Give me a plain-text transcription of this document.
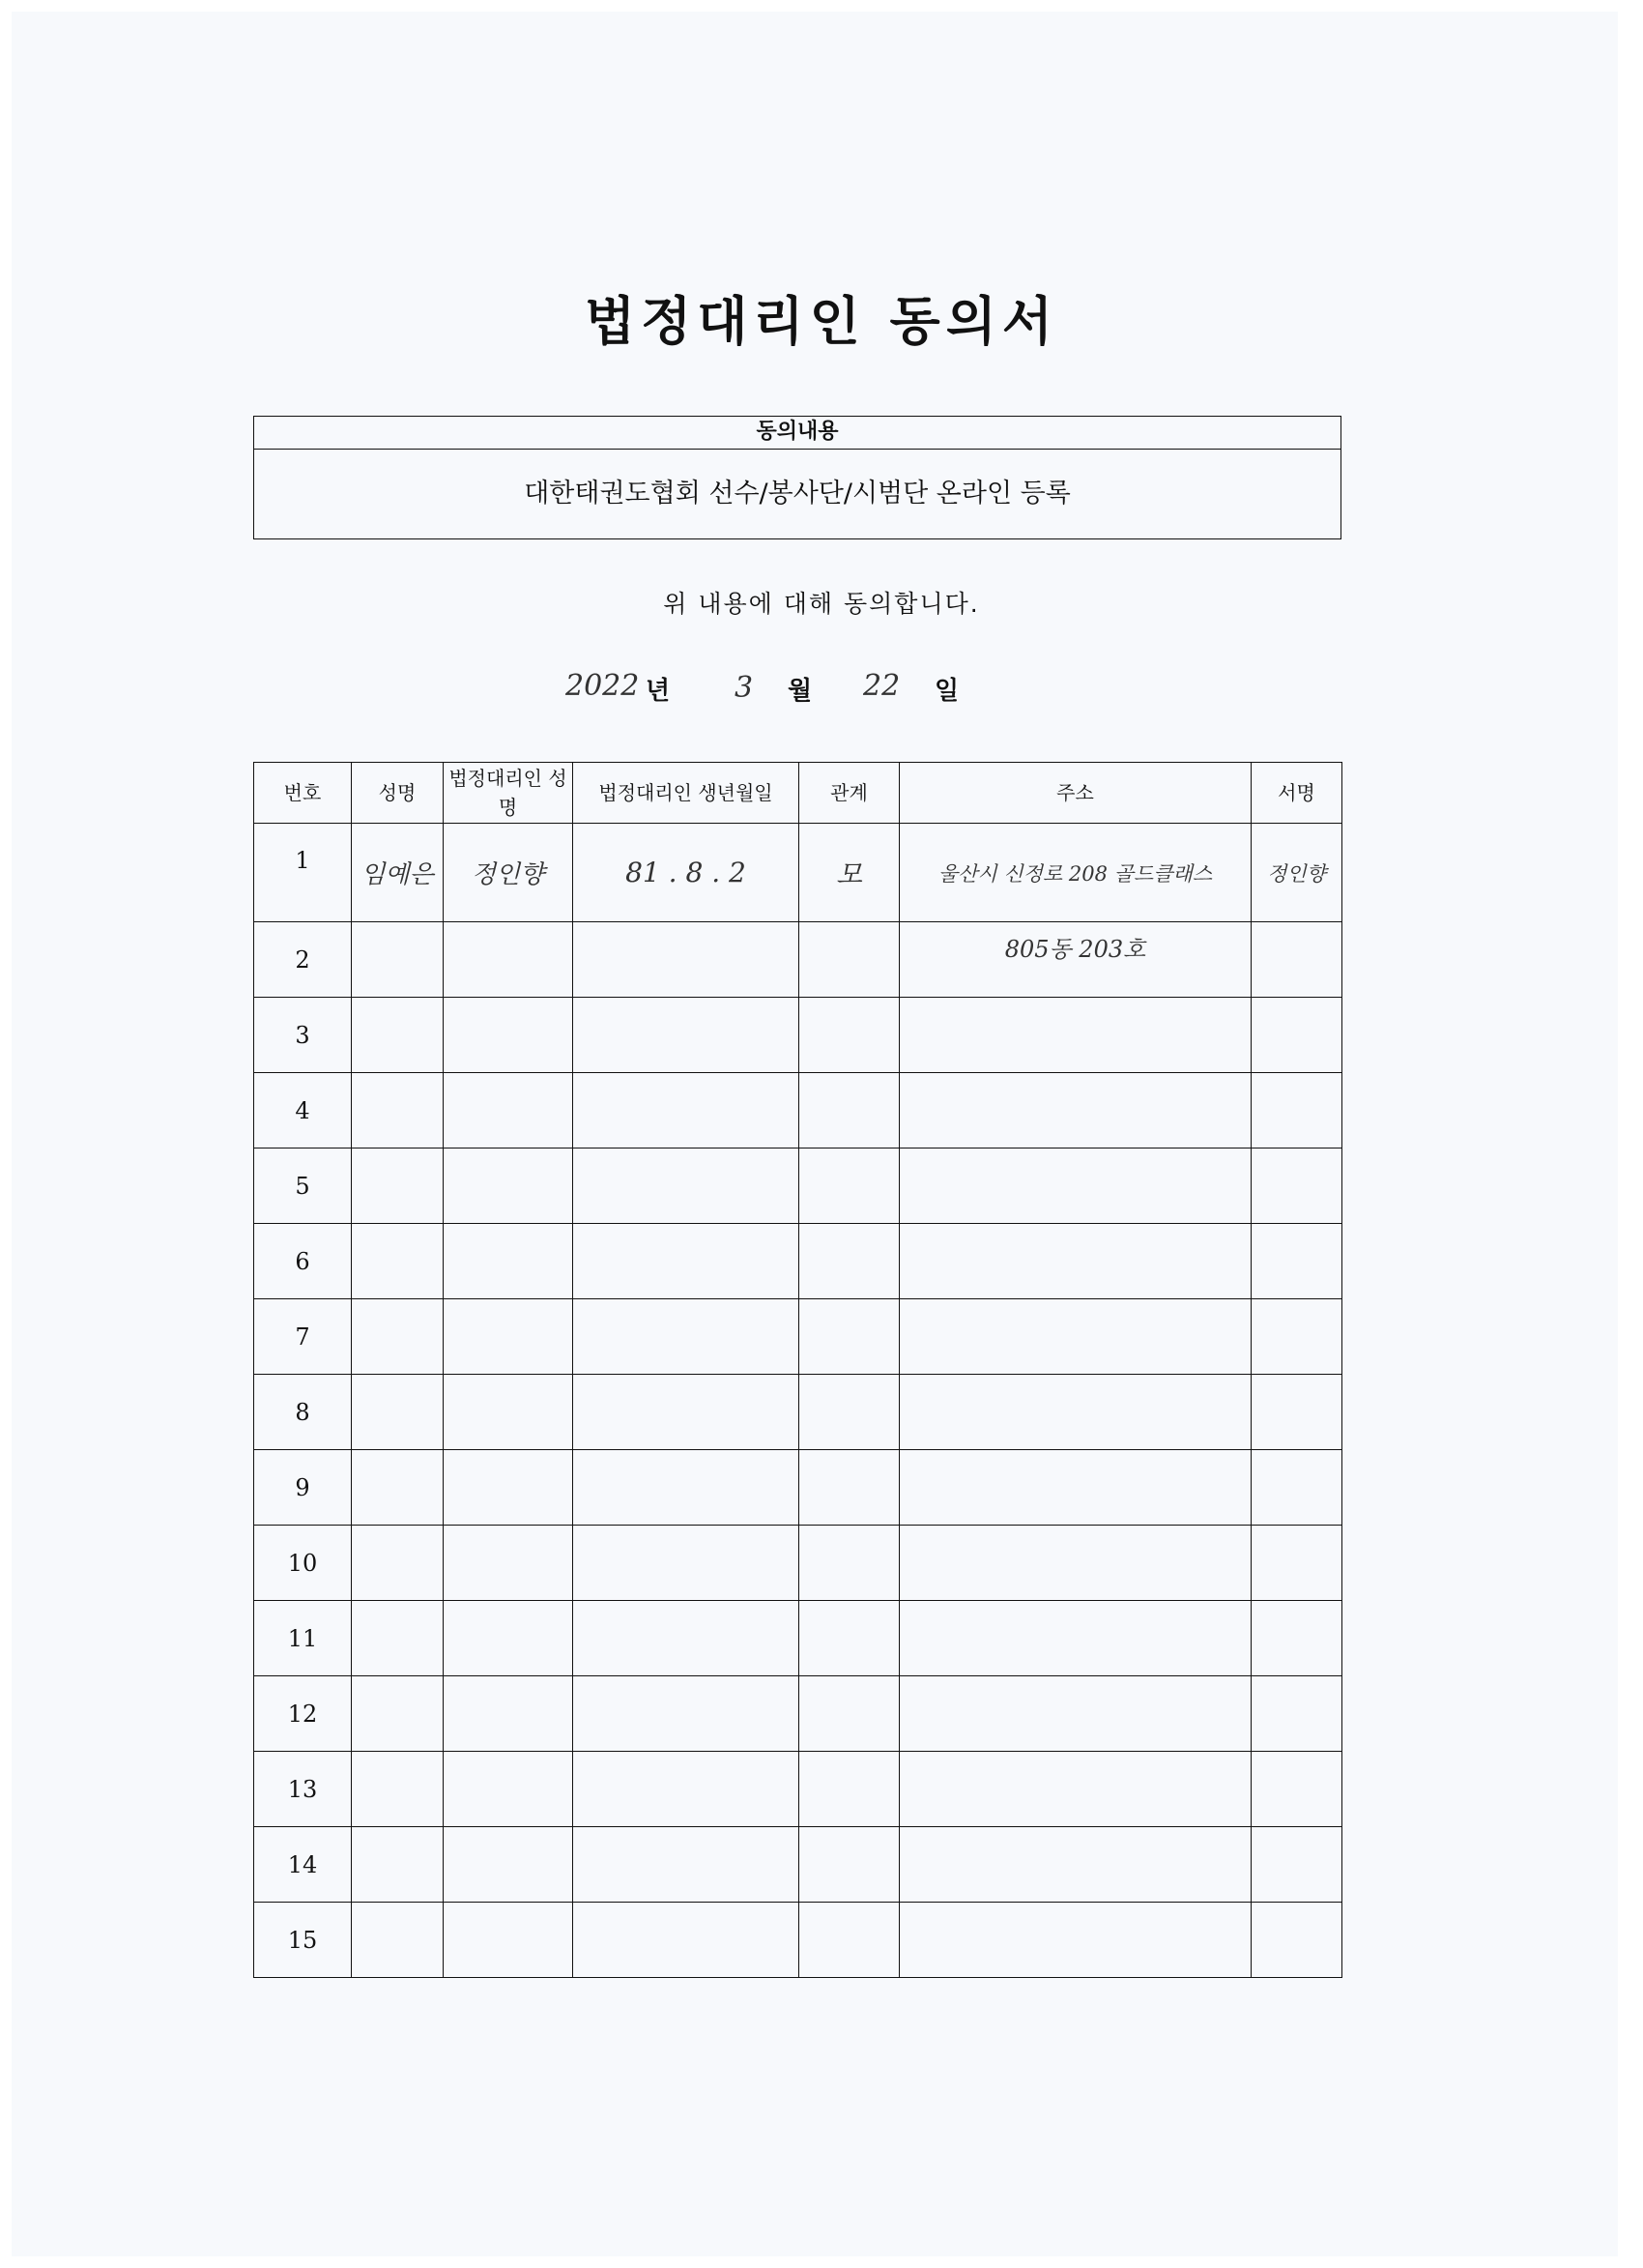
법정대리인 동의서
동의내용
대한태권도협회 선수/봉사단/시범단 온라인 등록
위 내용에 대해 동의합니다.
2022 년 3 월 22 일
번호	성명	법정대리인 성명	법정대리인 생년월일	관계	주소	서명
1	임예은	정인향	81 . 8 . 2	모	울산시 신정로 208 골드클래스	정인향
2					805동 203호	
3						
4						
5						
6						
7						
8						
9						
10						
11						
12						
13						
14						
15						
